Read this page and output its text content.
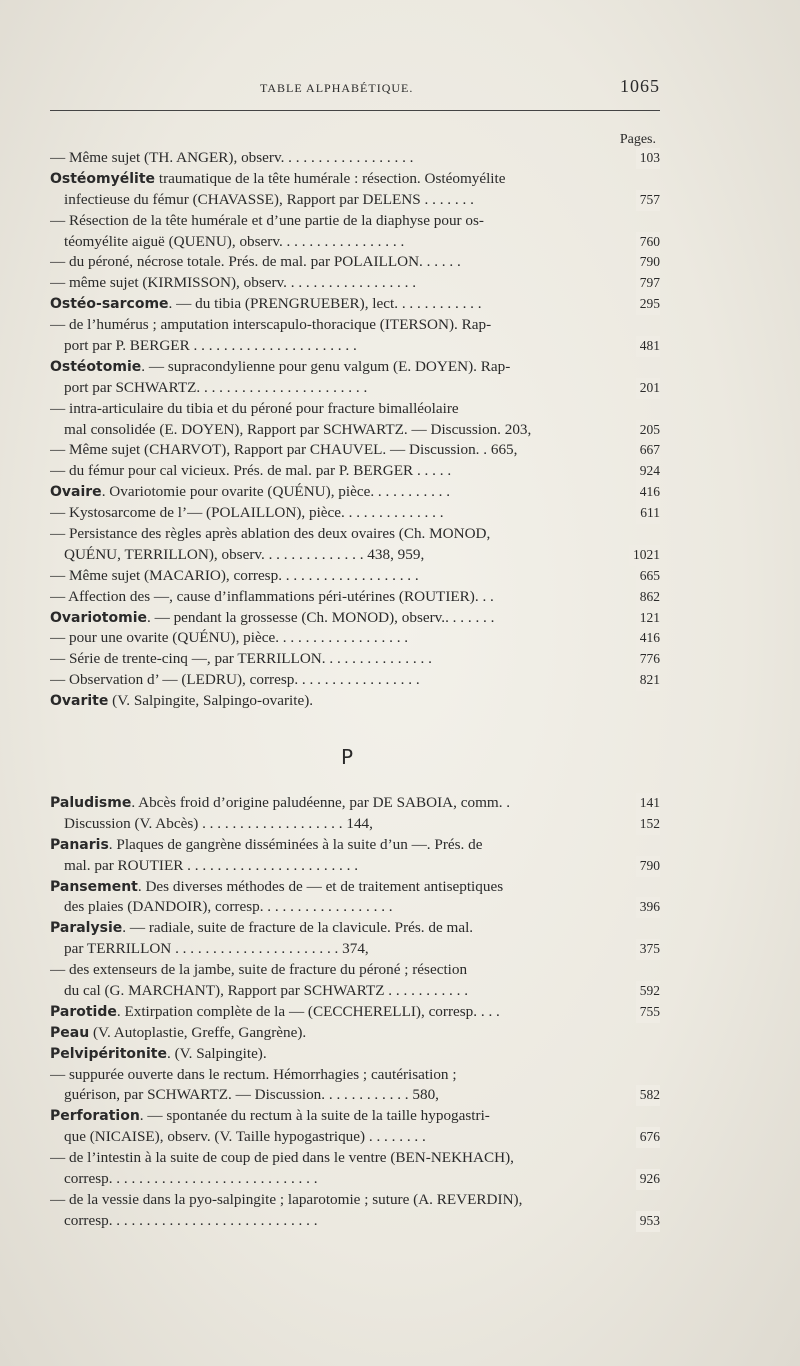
TABLE ALPHABÉTIQUE.	1065
Pages.
— Même sujet (TH. ANGER), observ. . . . . . . . . . . . . . . . . .	103
Ostéomyélite traumatique de la tête humérale : résection. Ostéomyélite
infectieuse du fémur (CHAVASSE), Rapport par DELENS . . . . . . .	757
— Résection de la tête humérale et d’une partie de la diaphyse pour os-
téomyélite aiguë (QUENU), observ. . . . . . . . . . . . . . . . .	760
— du péroné, nécrose totale. Prés. de mal. par POLAILLON. . . . . .	790
— même sujet (KIRMISSON), observ. . . . . . . . . . . . . . . . . .	797
Ostéo-sarcome. — du tibia (PRENGRUEBER), lect. . . . . . . . . . . .	295
— de l’humérus ; amputation interscapulo-thoracique (ITERSON). Rap-
port par P. BERGER . . . . . . . . . . . . . . . . . . . . . .	481
Ostéotomie. — supracondylienne pour genu valgum (E. DOYEN). Rap-
port par SCHWARTZ. . . . . . . . . . . . . . . . . . . . . . .	201
— intra-articulaire du tibia et du péroné pour fracture bimalléolaire
mal consolidée (E. DOYEN), Rapport par SCHWARTZ. — Discussion. 203,	205
— Même sujet (CHARVOT), Rapport par CHAUVEL. — Discussion. . 665,	667
— du fémur pour cal vicieux. Prés. de mal. par P. BERGER . . . . .	924
Ovaire. Ovariotomie pour ovarite (QUÉNU), pièce. . . . . . . . . . .	416
— Kystosarcome de l’— (POLAILLON), pièce. . . . . . . . . . . . . .	611
— Persistance des règles après ablation des deux ovaires (Ch. MONOD,
QUÉNU, TERRILLON), observ. . . . . . . . . . . . . . 438, 959,	1021
— Même sujet (MACARIO), corresp. . . . . . . . . . . . . . . . . . .	665
— Affection des —, cause d’inflammations péri-utérines (ROUTIER). . .	862
Ovariotomie. — pendant la grossesse (Ch. MONOD), observ.. . . . . . .	121
— pour une ovarite (QUÉNU), pièce. . . . . . . . . . . . . . . . . .	416
— Série de trente-cinq —, par TERRILLON. . . . . . . . . . . . . . .	776
— Observation d’ — (LEDRU), corresp. . . . . . . . . . . . . . . . .	821
Ovarite (V. Salpingite, Salpingo-ovarite).
P
Paludisme. Abcès froid d’origine paludéenne, par DE SABOIA, comm. .	141
Discussion (V. Abcès) . . . . . . . . . . . . . . . . . . . 144,	152
Panaris. Plaques de gangrène disséminées à la suite d’un —. Prés. de
mal. par ROUTIER . . . . . . . . . . . . . . . . . . . . . . .	790
Pansement. Des diverses méthodes de — et de traitement antiseptiques
des plaies (DANDOIR), corresp. . . . . . . . . . . . . . . . . .	396
Paralysie. — radiale, suite de fracture de la clavicule. Prés. de mal.
par TERRILLON . . . . . . . . . . . . . . . . . . . . . . 374,	375
— des extenseurs de la jambe, suite de fracture du péroné ; résection
du cal (G. MARCHANT), Rapport par SCHWARTZ . . . . . . . . . . .	592
Parotide. Extirpation complète de la — (CECCHERELLI), corresp. . . .	755
Peau (V. Autoplastie, Greffe, Gangrène).
Pelvipéritonite. (V. Salpingite).
— suppurée ouverte dans le rectum. Hémorrhagies ; cautérisation ;
guérison, par SCHWARTZ. — Discussion. . . . . . . . . . . . 580,	582
Perforation. — spontanée du rectum à la suite de la taille hypogastri-
que (NICAISE), observ. (V. Taille hypogastrique) . . . . . . . .	676
— de l’intestin à la suite de coup de pied dans le ventre (BEN-NEKHACH),
corresp. . . . . . . . . . . . . . . . . . . . . . . . . . . .	926
— de la vessie dans la pyo-salpingite ; laparotomie ; suture (A. REVERDIN),
corresp. . . . . . . . . . . . . . . . . . . . . . . . . . . .	953
